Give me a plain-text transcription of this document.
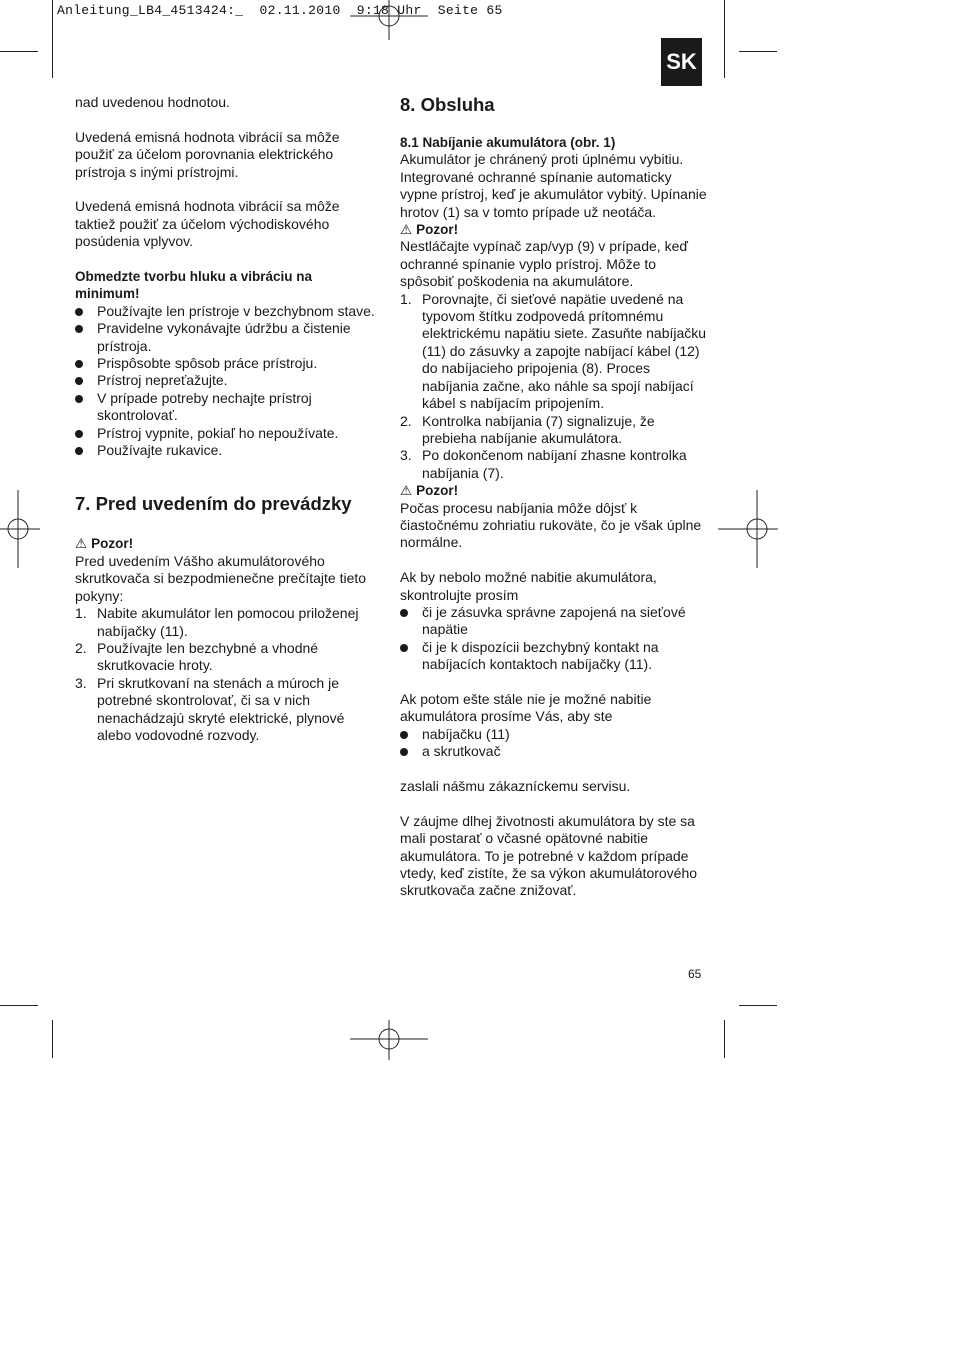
Anleitung_LB4_4513424:_  02.11.2010  9:18 Uhr  Seite 65
SK

nad uvedenou hodnotou.

Uvedená emisná hodnota vibrácií sa môže použiť za účelom porovnania elektrického prístroja s inými prístrojmi.

Uvedená emisná hodnota vibrácií sa môže taktiež použiť za účelom východiskového posúdenia vplyvov.

Obmedzte tvorbu hluku a vibráciu na minimum!

Používajte len prístroje v bezchybnom stave.
Pravidelne vykonávajte údržbu a čistenie prístroja.
Prispôsobte spôsob práce prístroju.
Prístroj nepreťažujte.
V prípade potreby nechajte prístroj skontrolovať.
Prístroj vypnite, pokiaľ ho nepoužívate.
Používajte rukavice.
7. Pred uvedením do prevádzky

⚠ Pozor!

Pred uvedením Vášho akumulátorového skrutkovača si bezpodmienečne prečítajte tieto pokyny:

1. Nabite akumulátor len pomocou priloženej nabíjačky (11).
2. Používajte len bezchybné a vhodné skrutkovacie hroty.
3. Pri skrutkovaní na stenách a múroch je potrebné skontrolovať, či sa v nich nenachádzajú skryté elektrické, plynové alebo vodovodné rozvody.
8. Obsluha

8.1 Nabíjanie akumulátora (obr. 1)

Akumulátor je chránený proti úplnému vybitiu. Integrované ochranné spínanie automaticky vypne prístroj, keď je akumulátor vybitý. Upínanie hrotov (1) sa v tomto prípade už neotáča.

⚠ Pozor!

Nestláčajte vypínač zap/vyp (9) v prípade, keď ochranné spínanie vyplo prístroj. Môže to spôsobiť poškodenia na akumulátore.

1. Porovnajte, či sieťové napätie uvedené na typovom štítku zodpovedá prítomnému elektrickému napätiu siete. Zasuňte nabíjačku (11) do zásuvky a zapojte nabíjací kábel (12) do nabíjacieho pripojenia (8). Proces nabíjania začne, ako náhle sa spojí nabíjací kábel s nabíjacím pripojením.
2. Kontrolka nabíjania (7) signalizuje, že prebieha nabíjanie akumulátora.
3. Po dokončenom nabíjaní zhasne kontrolka nabíjania (7).

⚠ Pozor!

Počas procesu nabíjania môže dôjsť k čiastočnému zohriatiu rukoväte, čo je však úplne normálne.

Ak by nebolo možné nabitie akumulátora, skontrolujte prosím

či je zásuvka správne zapojená na sieťové napätie
či je k dispozícii bezchybný kontakt na nabíjacích kontaktoch nabíjačky (11).

Ak potom ešte stále nie je možné nabitie akumulátora prosíme Vás, aby ste

nabíjačku (11)
a skrutkovač

zaslali nášmu zákazníckemu servisu.

V záujme dlhej životnosti akumulátora by ste sa mali postarať o včasné opätovné nabitie akumulátora. To je potrebné v každom prípade vtedy, keď zistíte, že sa výkon akumulátorového skrutkovača začne znižovať.

65
